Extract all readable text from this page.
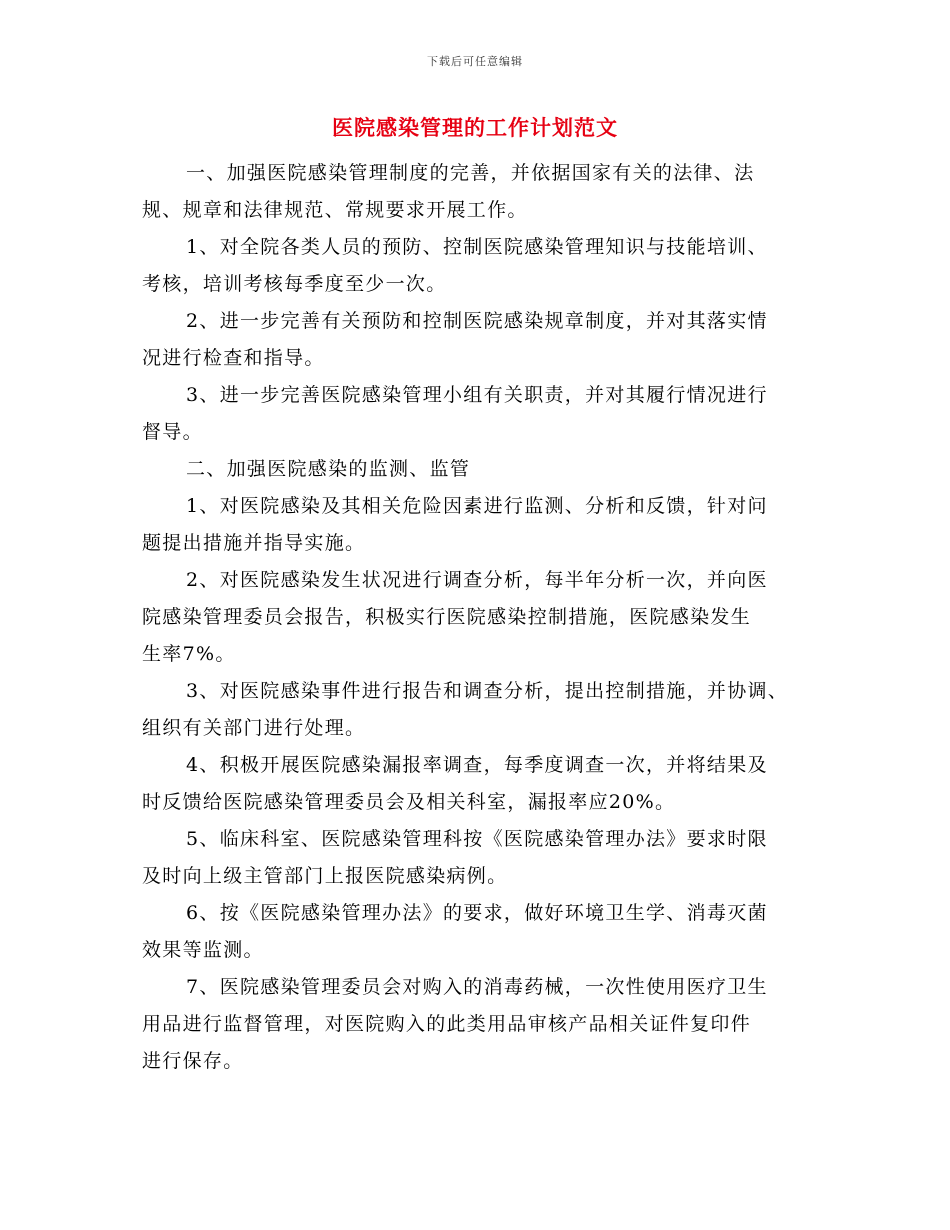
下载后可任意编辑
医院感染管理的工作计划范文
一、加强医院感染管理制度的完善，并依据国家有关的法律、法
规、规章和法律规范、常规要求开展工作。
1、对全院各类人员的预防、控制医院感染管理知识与技能培训、
考核，培训考核每季度至少一次。
2、进一步完善有关预防和控制医院感染规章制度，并对其落实情
况进行检查和指导。
3、进一步完善医院感染管理小组有关职责，并对其履行情况进行
督导。
二、加强医院感染的监测、监管
1、对医院感染及其相关危险因素进行监测、分析和反馈，针对问
题提出措施并指导实施。
2、对医院感染发生状况进行调查分析，每半年分析一次，并向医
院感染管理委员会报告，积极实行医院感染控制措施，医院感染发生
生率7%。
3、对医院感染事件进行报告和调查分析，提出控制措施，并协调、
组织有关部门进行处理。
4、积极开展医院感染漏报率调查，每季度调查一次，并将结果及
时反馈给医院感染管理委员会及相关科室，漏报率应20%。
5、临床科室、医院感染管理科按《医院感染管理办法》要求时限
及时向上级主管部门上报医院感染病例。
6、按《医院感染管理办法》的要求，做好环境卫生学、消毒灭菌
效果等监测。
7、医院感染管理委员会对购入的消毒药械，一次性使用医疗卫生
用品进行监督管理，对医院购入的此类用品审核产品相关证件复印件
进行保存。
